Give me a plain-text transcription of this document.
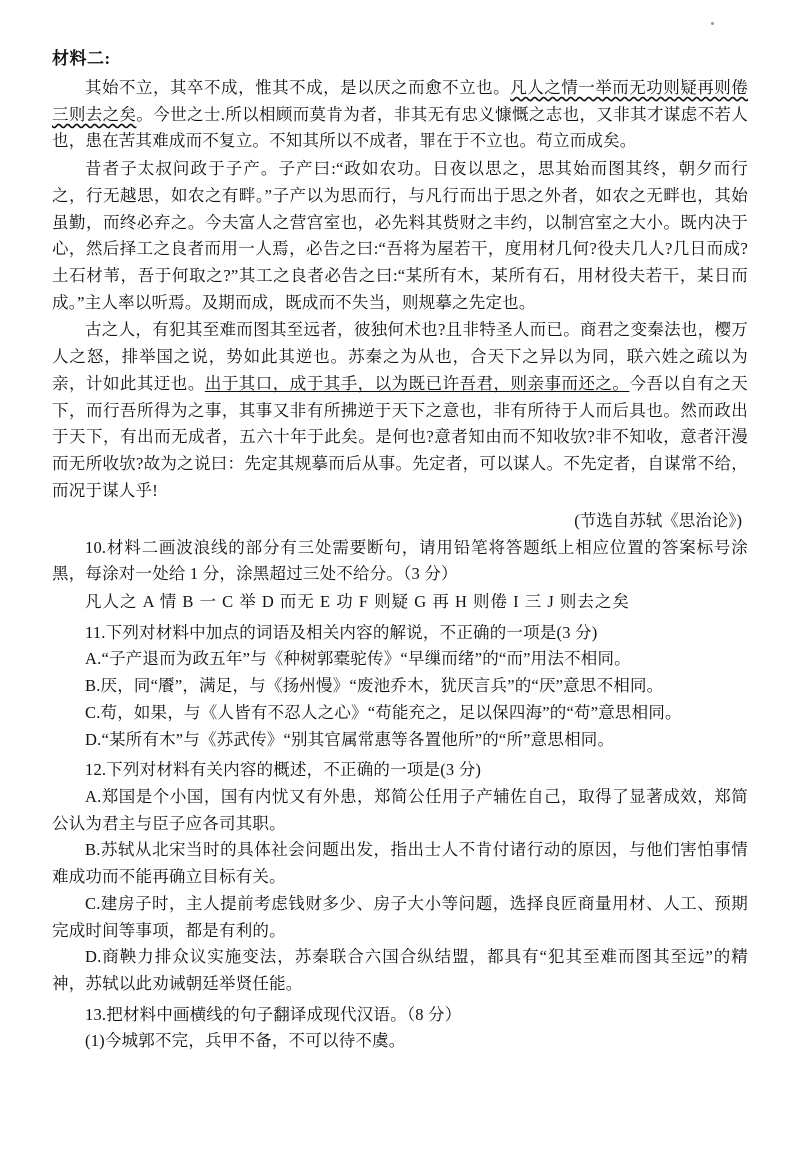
材料二:

其始不立，其卒不成，惟其不成，是以厌之而愈不立也。凡人之情一举而无功则疑再则倦三则去之矣。今世之士.所以相顾而莫肯为者，非其无有忠义慷慨之志也，又非其才谋虑不若人也，患在苦其难成而不复立。不知其所以不成者，罪在于不立也。苟立而成矣。

昔者子太叔问政于子产。子产曰:“政如农功。日夜以思之，思其始而图其终，朝夕而行之，行无越思，如农之有畔。”子产以为思而行，与凡行而出于思之外者，如农之无畔也，其始虽勤，而终必弃之。今夫富人之营宫室也，必先料其赀财之丰约，以制宫室之大小。既内决于心，然后择工之良者而用一人焉，必告之曰:“吾将为屋若干，度用材几何?役夫几人?几日而成?土石材苇，吾于何取之?”其工之良者必告之曰:“某所有木，某所有石，用材役夫若干，某日而成。”主人率以听焉。及期而成，既成而不失当，则规摹之先定也。

古之人，有犯其至难而图其至远者，彼独何术也?且非特圣人而已。商君之变秦法也，樱万人之怒，排举国之说，势如此其逆也。苏秦之为从也，合天下之异以为同，联六姓之疏以为亲，计如此其迂也。出于其口，成于其手，以为既已许吾君，则亲事而还之。今吾以自有之天下，而行吾所得为之事，其事又非有所拂逆于天下之意也，非有所待于人而后具也。然而政出于天下，有出而无成者，五六十年于此矣。是何也?意者知由而不知收欤?非不知收，意者汗漫而无所收欤?故为之说曰：先定其规摹而后从事。先定者，可以谋人。不先定者，自谋常不给，而况于谋人乎!

(节选自苏轼《思治论》)

10.材料二画波浪线的部分有三处需要断句，请用铅笔将答题纸上相应位置的答案标号涂黑，每涂对一处给 1 分，涂黑超过三处不给分。（3 分）

凡人之 A 情 B 一 C 举 D 而无 E 功 F 则疑 G 再 H 则倦 I 三 J 则去之矣

11.下列对材料中加点的词语及相关内容的解说，不正确的一项是(3 分)

A.“子产退而为政五年”与《种树郭橐驼传》“早缫而绪”的“而”用法不相同。

B.厌，同“餍”，满足，与《扬州慢》“废池乔木，犹厌言兵”的“厌”意思不相同。

C.苟，如果，与《人皆有不忍人之心》“苟能充之，足以保四海”的“苟”意思相同。

D.“某所有木”与《苏武传》“别其官属常惠等各置他所”的“所”意思相同。

12.下列对材料有关内容的概述，不正确的一项是(3 分)

A.郑国是个小国，国有内忧又有外患，郑简公任用子产辅佐自己，取得了显著成效，郑简公认为君主与臣子应各司其职。

B.苏轼从北宋当时的具体社会问题出发，指出士人不肯付诸行动的原因，与他们害怕事情难成功而不能再确立目标有关。

C.建房子时，主人提前考虑钱财多少、房子大小等问题，选择良匠商量用材、人工、预期完成时间等事项，都是有利的。

D.商鞅力排众议实施变法，苏秦联合六国合纵结盟，都具有“犯其至难而图其至远”的精神，苏轼以此劝诫朝廷举贤任能。

13.把材料中画横线的句子翻译成现代汉语。（8 分）

(1)今城郭不完，兵甲不备，不可以待不虞。
